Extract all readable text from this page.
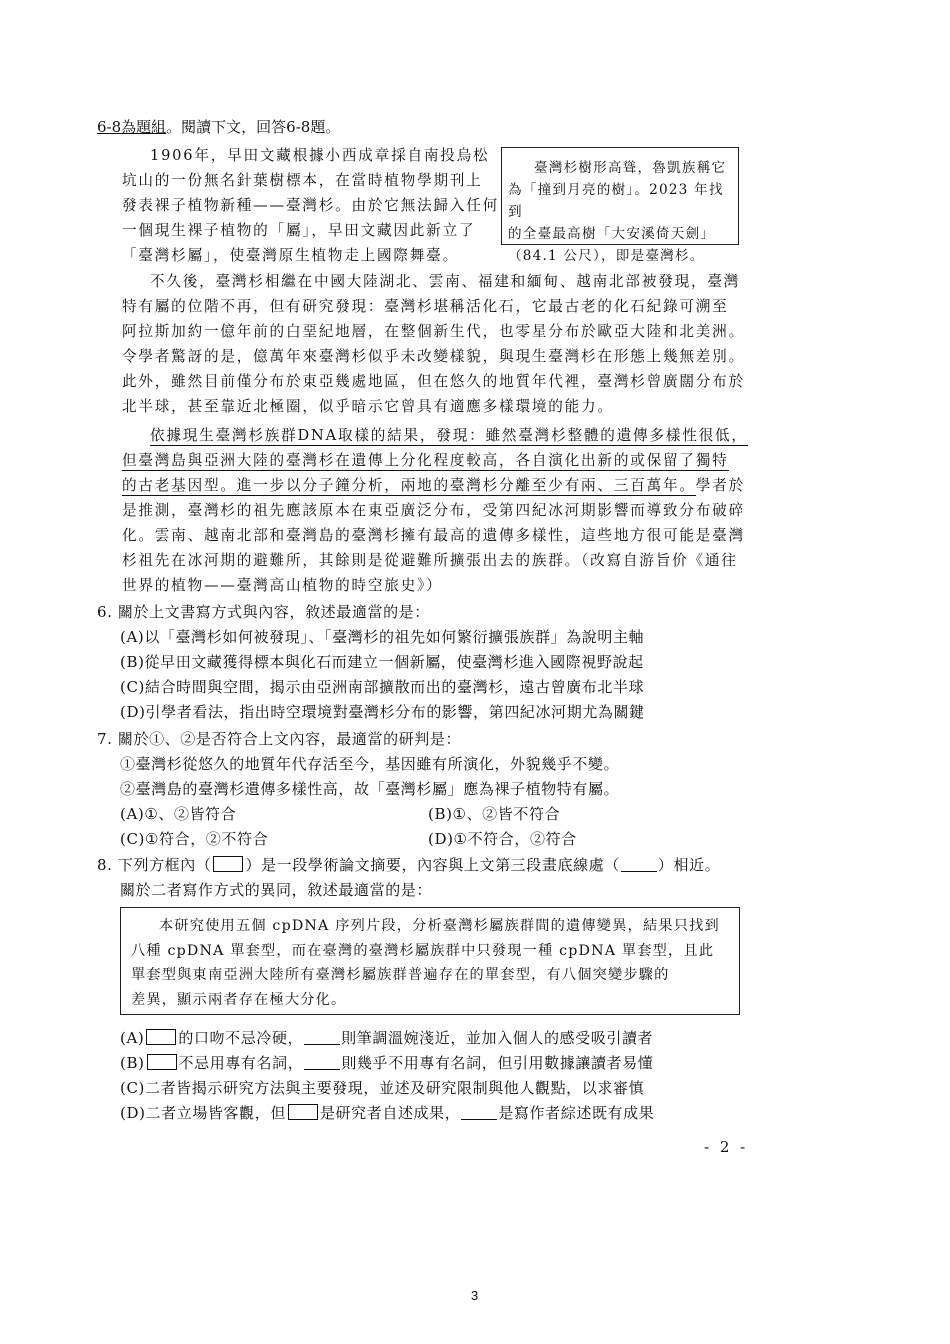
6-8為題組。閱讀下文，回答6-8題。
1906年，早田文藏根據小西成章採自南投烏松
坑山的一份無名針葉樹標本，在當時植物學期刊上
發表裸子植物新種——臺灣杉。由於它無法歸入任何
一個現生裸子植物的「屬」，早田文藏因此新立了
「臺灣杉屬」，使臺灣原生植物走上國際舞臺。
臺灣杉樹形高聳，魯凱族稱它
為「撞到月亮的樹」。2023 年找到
的全臺最高樹「大安溪倚天劍」
（84.1 公尺），即是臺灣杉。
不久後，臺灣杉相繼在中國大陸湖北、雲南、福建和緬甸、越南北部被發現，臺灣
特有屬的位階不再，但有研究發現：臺灣杉堪稱活化石，它最古老的化石紀錄可溯至
阿拉斯加約一億年前的白堊紀地層，在整個新生代，也零星分布於歐亞大陸和北美洲。
令學者驚訝的是，億萬年來臺灣杉似乎未改變樣貌，與現生臺灣杉在形態上幾無差別。
此外，雖然目前僅分布於東亞幾處地區，但在悠久的地質年代裡，臺灣杉曾廣闊分布於
北半球，甚至靠近北極圈，似乎暗示它曾具有適應多樣環境的能力。
依據現生臺灣杉族群DNA取樣的結果，發現：雖然臺灣杉整體的遺傳多樣性很低，
但臺灣島與亞洲大陸的臺灣杉在遺傳上分化程度較高，各自演化出新的或保留了獨特
的古老基因型。進一步以分子鐘分析，兩地的臺灣杉分離至少有兩、三百萬年。學者於
是推測，臺灣杉的祖先應該原本在東亞廣泛分布，受第四紀冰河期影響而導致分布破碎
化。雲南、越南北部和臺灣島的臺灣杉擁有最高的遺傳多樣性，這些地方很可能是臺灣
杉祖先在冰河期的避難所，其餘則是從避難所擴張出去的族群。（改寫自游旨价《通往
世界的植物——臺灣高山植物的時空旅史》）
6. 關於上文書寫方式與內容，敘述最適當的是：
(A)以「臺灣杉如何被發現」、「臺灣杉的祖先如何繁衍擴張族群」為說明主軸
(B)從早田文藏獲得標本與化石而建立一個新屬，使臺灣杉進入國際視野說起
(C)結合時間與空間，揭示由亞洲南部擴散而出的臺灣杉，遠古曾廣布北半球
(D)引學者看法，指出時空環境對臺灣杉分布的影響，第四紀冰河期尤為關鍵
7. 關於①、②是否符合上文內容，最適當的研判是：
①臺灣杉從悠久的地質年代存活至今，基因雖有所演化，外貌幾乎不變。
②臺灣島的臺灣杉遺傳多樣性高，故「臺灣杉屬」應為裸子植物特有屬。
(A)①、②皆符合	(B)①、②皆不符合
(C)①符合，②不符合	(D)①不符合，②符合
8. 下列方框內（ ）是一段學術論文摘要，內容與上文第三段畫底線處（	）相近。
關於二者寫作方式的異同，敘述最適當的是：
本研究使用五個 cpDNA 序列片段，分析臺灣杉屬族群間的遺傳變異，結果只找到
八種 cpDNA 單套型，而在臺灣的臺灣杉屬族群中只發現一種 cpDNA 單套型，且此
單套型與東南亞洲大陸所有臺灣杉屬族群普遍存在的單套型，有八個突變步驟的
差異，顯示兩者存在極大分化。
(A) 的口吻不忌冷硬，	則筆調溫婉淺近，並加入個人的感受吸引讀者
(B) 不忌用專有名詞，	則幾乎不用專有名詞，但引用數據讓讀者易懂
(C)二者皆揭示研究方法與主要發現，並述及研究限制與他人觀點，以求審慎
(D)二者立場皆客觀，但 是研究者自述成果，	是寫作者綜述既有成果
- 2 -
3
